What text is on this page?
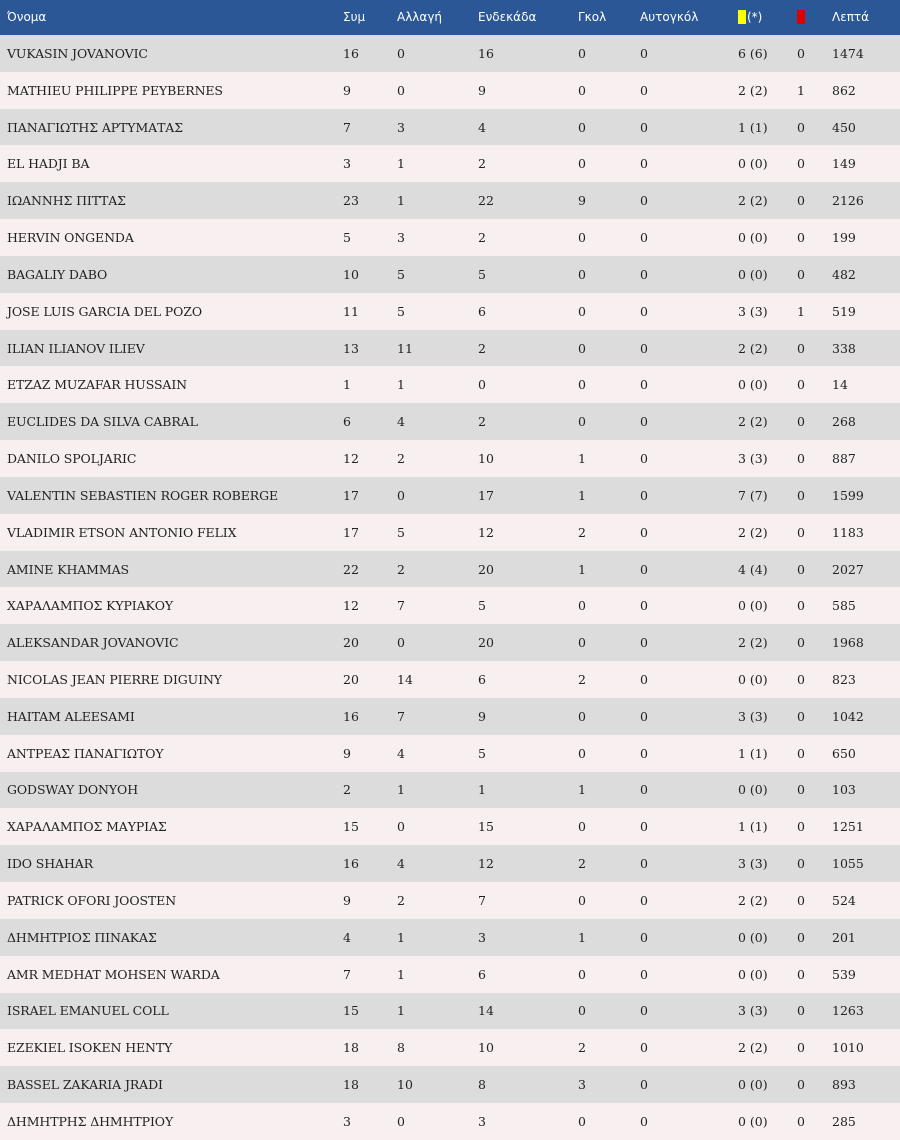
Όνομα	Συμ	Αλλαγή	Ενδεκάδα	Γκολ	Αυτογκόλ	(*)		Λεπτά
VUKASIN JOVANOVIC	16	0	16	0	0	6 (6)	0	1474
MATHIEU PHILIPPE PEYBERNES	9	0	9	0	0	2 (2)	1	862
ΠΑΝΑΓΙΩΤΗΣ ΑΡΤΥΜΑΤΑΣ	7	3	4	0	0	1 (1)	0	450
EL HADJI BA	3	1	2	0	0	0 (0)	0	149
ΙΩΑΝΝΗΣ ΠΙΤΤΑΣ	23	1	22	9	0	2 (2)	0	2126
HERVIN ONGENDA	5	3	2	0	0	0 (0)	0	199
BAGALIY DABO	10	5	5	0	0	0 (0)	0	482
JOSE LUIS GARCIA DEL POZO	11	5	6	0	0	3 (3)	1	519
ILIAN ILIANOV ILIEV	13	11	2	0	0	2 (2)	0	338
ETZAZ MUZAFAR HUSSAIN	1	1	0	0	0	0 (0)	0	14
EUCLIDES DA SILVA CABRAL	6	4	2	0	0	2 (2)	0	268
DANILO SPOLJARIC	12	2	10	1	0	3 (3)	0	887
VALENTIN SEBASTIEN ROGER ROBERGE	17	0	17	1	0	7 (7)	0	1599
VLADIMIR ETSON ANTONIO FELIX	17	5	12	2	0	2 (2)	0	1183
AMINE KHAMMAS	22	2	20	1	0	4 (4)	0	2027
ΧΑΡΑΛΑΜΠΟΣ ΚΥΡΙΑΚΟΥ	12	7	5	0	0	0 (0)	0	585
ALEKSANDAR JOVANOVIC	20	0	20	0	0	2 (2)	0	1968
NICOLAS JEAN PIERRE DIGUINY	20	14	6	2	0	0 (0)	0	823
HAITAM ALEESAMI	16	7	9	0	0	3 (3)	0	1042
ΑΝΤΡΕΑΣ ΠΑΝΑΓΙΩΤΟΥ	9	4	5	0	0	1 (1)	0	650
GODSWAY DONYOH	2	1	1	1	0	0 (0)	0	103
ΧΑΡΑΛΑΜΠΟΣ ΜΑΥΡΙΑΣ	15	0	15	0	0	1 (1)	0	1251
IDO SHAHAR	16	4	12	2	0	3 (3)	0	1055
PATRICK OFORI JOOSTEN	9	2	7	0	0	2 (2)	0	524
ΔΗΜΗΤΡΙΟΣ ΠΙΝΑΚΑΣ	4	1	3	1	0	0 (0)	0	201
AMR MEDHAT MOHSEN WARDA	7	1	6	0	0	0 (0)	0	539
ISRAEL EMANUEL COLL	15	1	14	0	0	3 (3)	0	1263
EZEKIEL ISOKEN HENTY	18	8	10	2	0	2 (2)	0	1010
BASSEL ZAKARIA JRADI	18	10	8	3	0	0 (0)	0	893
ΔΗΜΗΤΡΗΣ ΔΗΜΗΤΡΙΟΥ	3	0	3	0	0	0 (0)	0	285
